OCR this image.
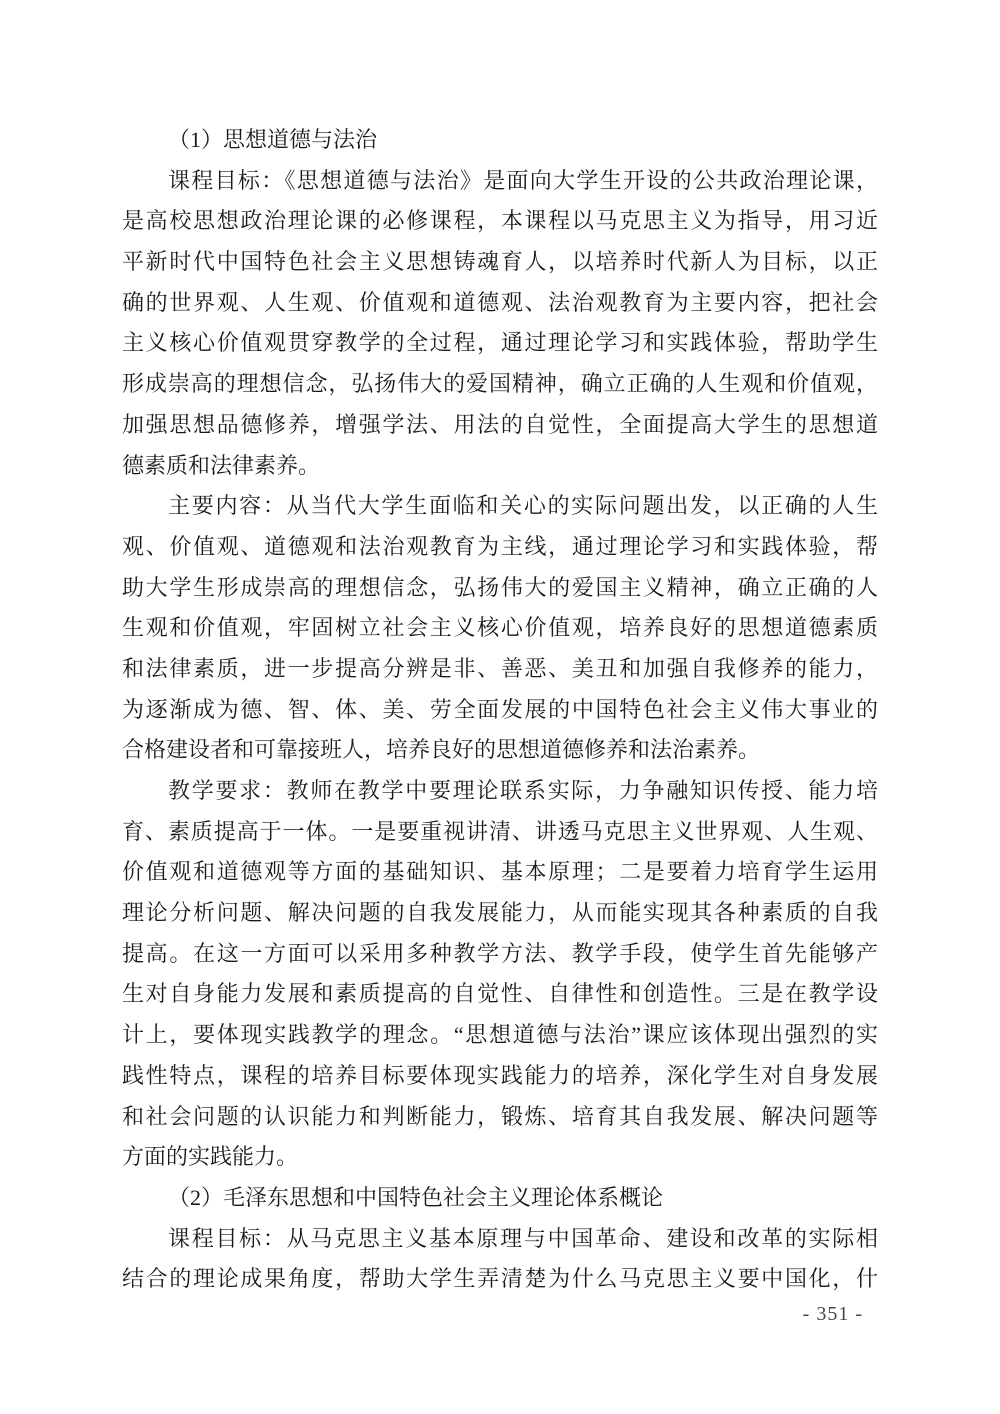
（1）思想道德与法治
课程目标：《思想道德与法治》是面向大学生开设的公共政治理论课，
是高校思想政治理论课的必修课程，本课程以马克思主义为指导，用习近
平新时代中国特色社会主义思想铸魂育人，以培养时代新人为目标，以正
确的世界观、人生观、价值观和道德观、法治观教育为主要内容，把社会
主义核心价值观贯穿教学的全过程，通过理论学习和实践体验，帮助学生
形成崇高的理想信念，弘扬伟大的爱国精神，确立正确的人生观和价值观，
加强思想品德修养，增强学法、用法的自觉性，全面提高大学生的思想道
德素质和法律素养。
主要内容：从当代大学生面临和关心的实际问题出发，以正确的人生
观、价值观、道德观和法治观教育为主线，通过理论学习和实践体验，帮
助大学生形成崇高的理想信念，弘扬伟大的爱国主义精神，确立正确的人
生观和价值观，牢固树立社会主义核心价值观，培养良好的思想道德素质
和法律素质，进一步提高分辨是非、善恶、美丑和加强自我修养的能力，
为逐渐成为德、智、体、美、劳全面发展的中国特色社会主义伟大事业的
合格建设者和可靠接班人，培养良好的思想道德修养和法治素养。
教学要求：教师在教学中要理论联系实际，力争融知识传授、能力培
育、素质提高于一体。一是要重视讲清、讲透马克思主义世界观、人生观、
价值观和道德观等方面的基础知识、基本原理；二是要着力培育学生运用
理论分析问题、解决问题的自我发展能力，从而能实现其各种素质的自我
提高。在这一方面可以采用多种教学方法、教学手段，使学生首先能够产
生对自身能力发展和素质提高的自觉性、自律性和创造性。三是在教学设
计上，要体现实践教学的理念。“思想道德与法治”课应该体现出强烈的实
践性特点，课程的培养目标要体现实践能力的培养，深化学生对自身发展
和社会问题的认识能力和判断能力，锻炼、培育其自我发展、解决问题等
方面的实践能力。
（2）毛泽东思想和中国特色社会主义理论体系概论
课程目标：从马克思主义基本原理与中国革命、建设和改革的实际相
结合的理论成果角度，帮助大学生弄清楚为什么马克思主义要中国化，什
- 351 -
